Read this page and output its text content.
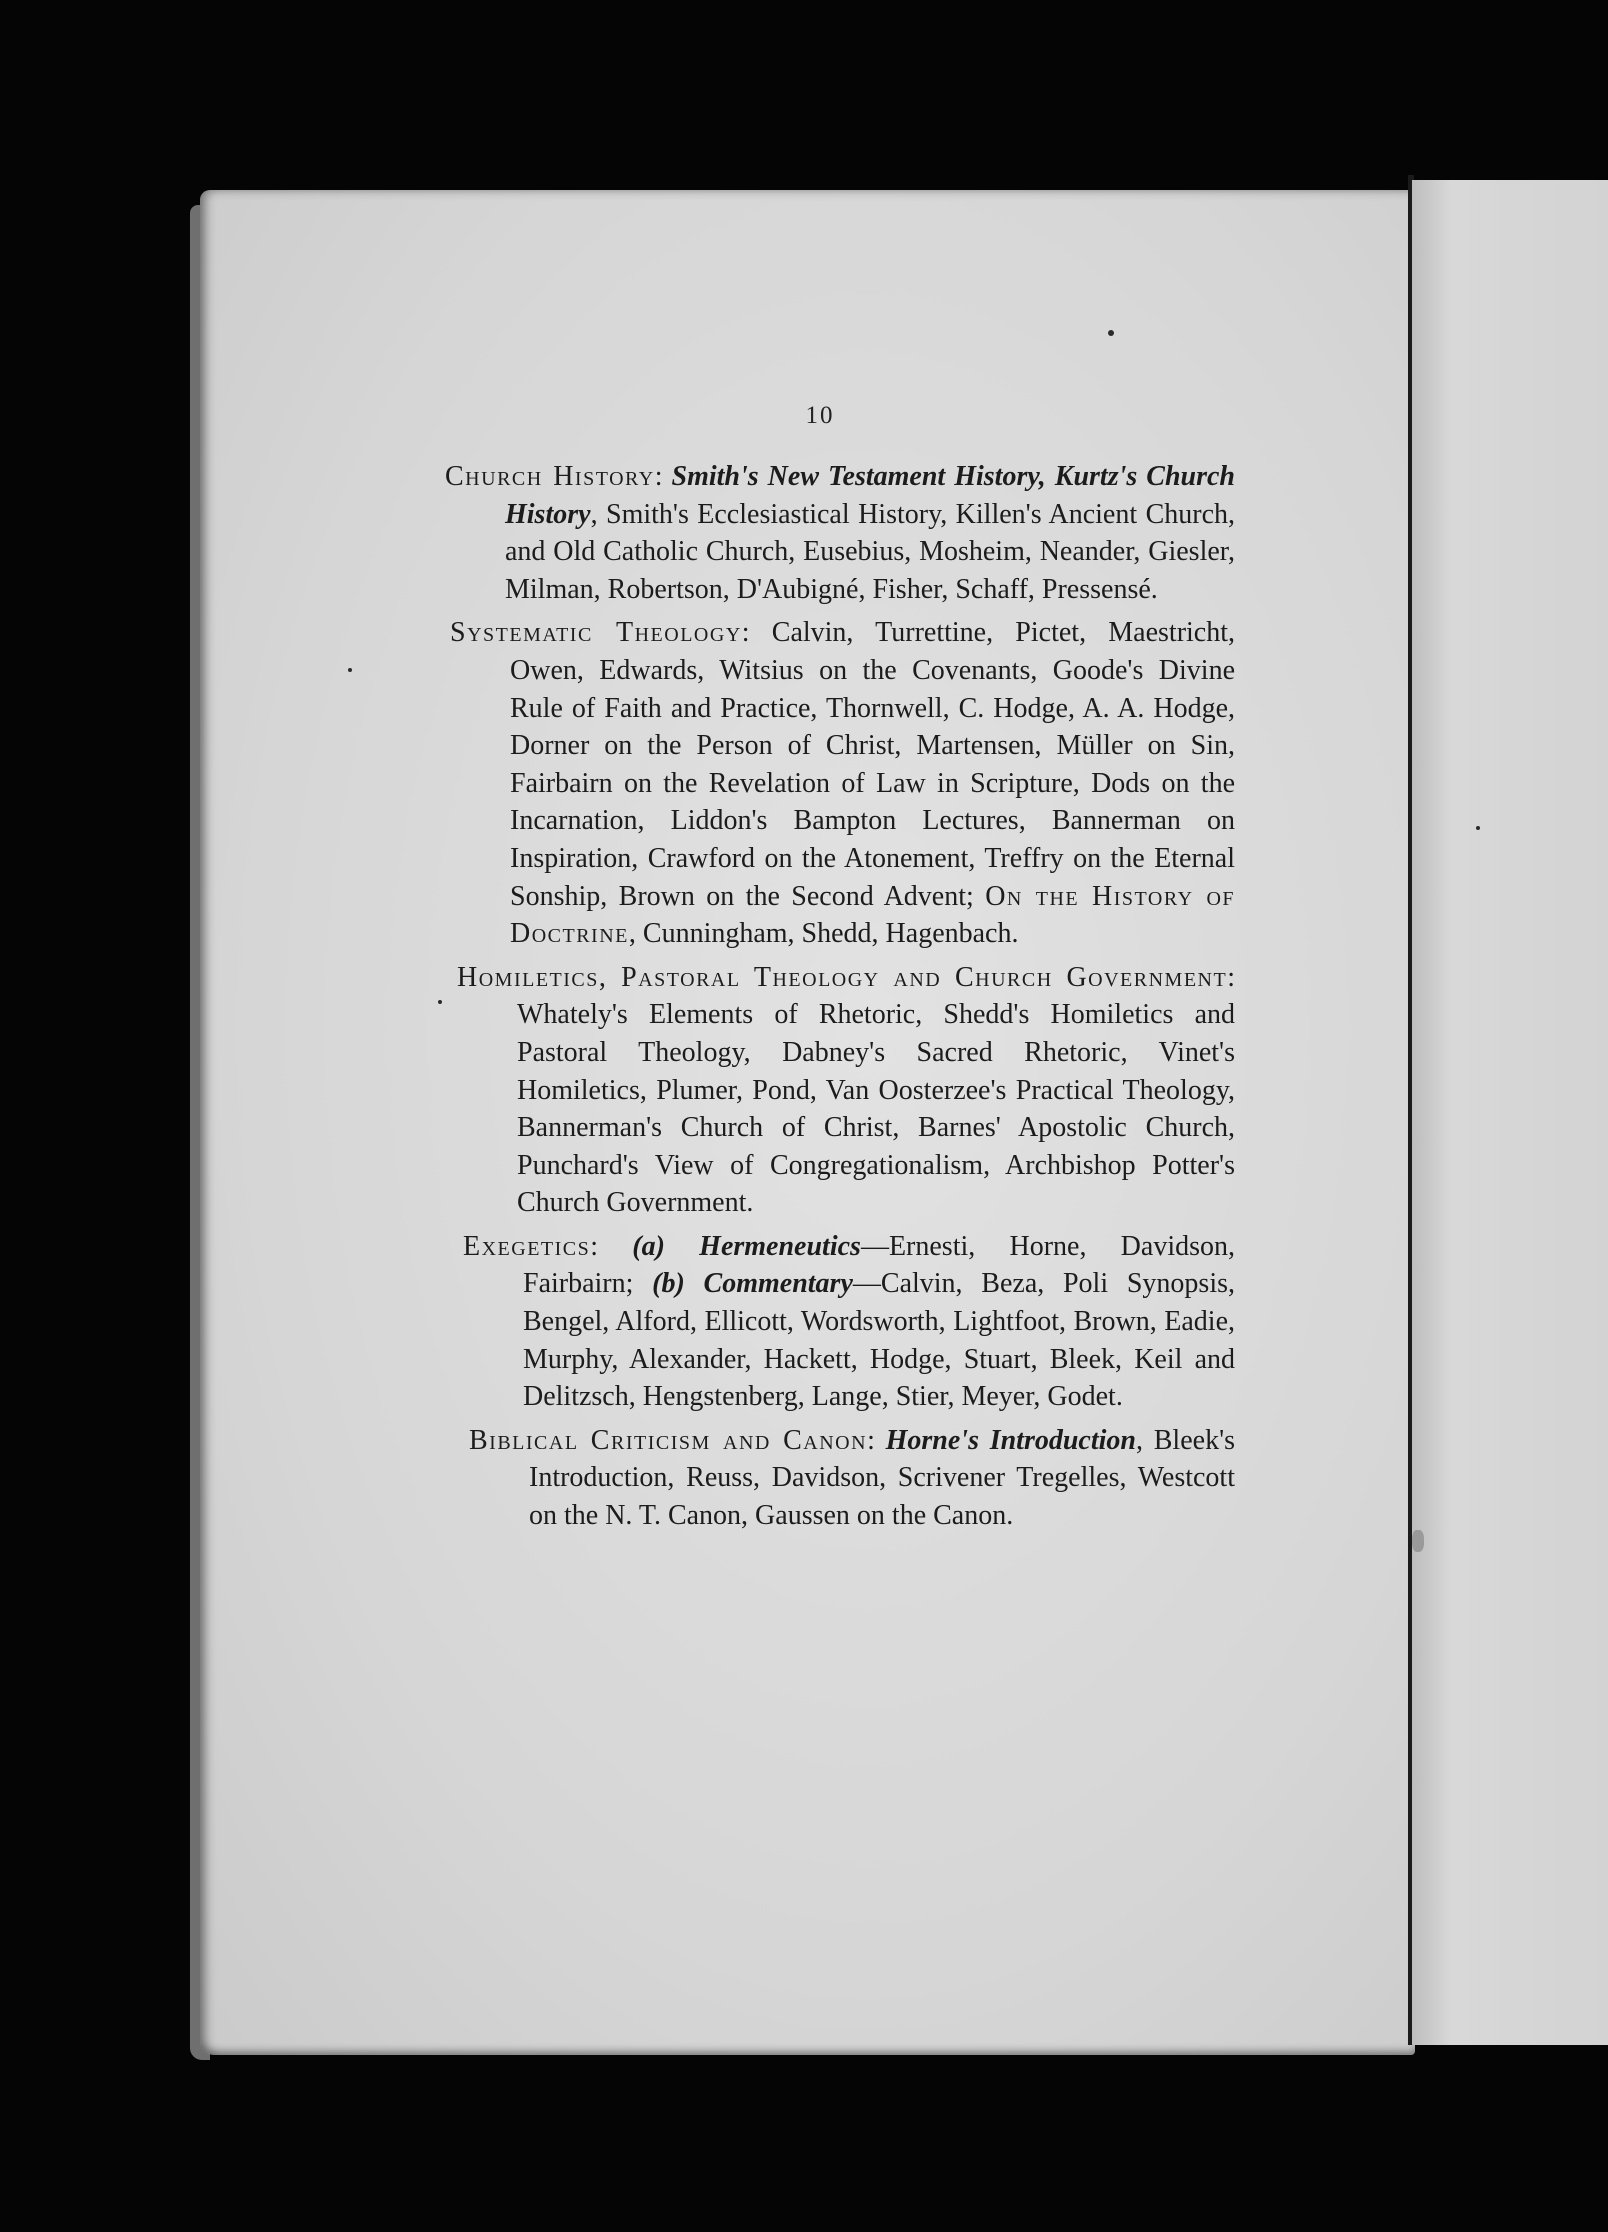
10

Church History: Smith's New Testament History, Kurtz's Church History, Smith's Ecclesiastical History, Killen's Ancient Church, and Old Catholic Church, Eusebius, Mosheim, Neander, Giesler, Milman, Robertson, D'Aubigné, Fisher, Schaff, Pressensé.

Systematic Theology: Calvin, Turrettine, Pictet, Maestricht, Owen, Edwards, Witsius on the Covenants, Goode's Divine Rule of Faith and Practice, Thornwell, C. Hodge, A. A. Hodge, Dorner on the Person of Christ, Martensen, Müller on Sin, Fairbairn on the Revelation of Law in Scripture, Dods on the Incarnation, Liddon's Bampton Lectures, Bannerman on Inspiration, Crawford on the Atonement, Treffry on the Eternal Sonship, Brown on the Second Advent; On the History of Doctrine, Cunningham, Shedd, Hagenbach.

Homiletics, Pastoral Theology and Church Government: Whately's Elements of Rhetoric, Shedd's Homiletics and Pastoral Theology, Dabney's Sacred Rhetoric, Vinet's Homiletics, Plumer, Pond, Van Oosterzee's Practical Theology, Bannerman's Church of Christ, Barnes' Apostolic Church, Punchard's View of Congregationalism, Archbishop Potter's Church Government.

Exegetics: (a) Hermeneutics—Ernesti, Horne, Davidson, Fairbairn; (b) Commentary—Calvin, Beza, Poli Synopsis, Bengel, Alford, Ellicott, Wordsworth, Lightfoot, Brown, Eadie, Murphy, Alexander, Hackett, Hodge, Stuart, Bleek, Keil and Delitzsch, Hengstenberg, Lange, Stier, Meyer, Godet.

Biblical Criticism and Canon: Horne's Introduction, Bleek's Introduction, Reuss, Davidson, Scrivener Tregelles, Westcott on the N. T. Canon, Gaussen on the Canon.
